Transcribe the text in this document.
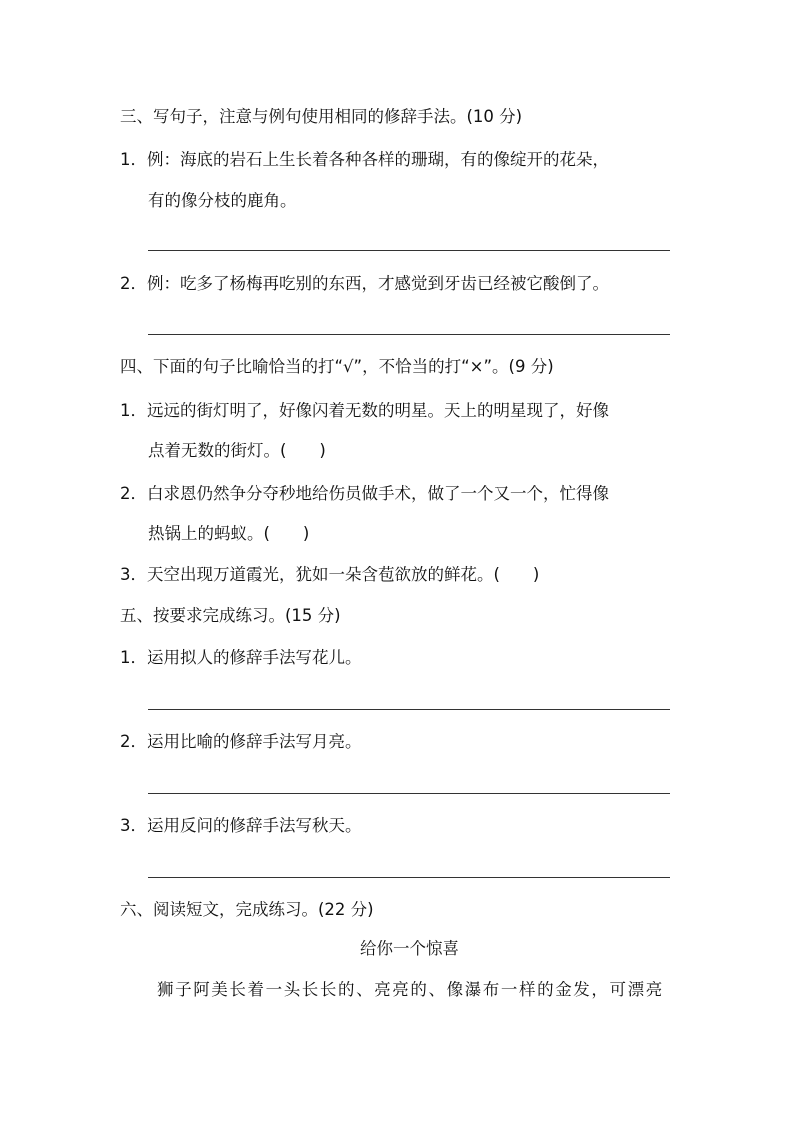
三、写句子，注意与例句使用相同的修辞手法。(10 分)
1．例：海底的岩石上生长着各种各样的珊瑚，有的像绽开的花朵，
有的像分枝的鹿角。
2．例：吃多了杨梅再吃别的东西，才感觉到牙齿已经被它酸倒了。
四、下面的句子比喻恰当的打“√”，不恰当的打“×”。(9 分)
1．远远的街灯明了，好像闪着无数的明星。天上的明星现了，好像
点着无数的街灯。(　　)
2．白求恩仍然争分夺秒地给伤员做手术，做了一个又一个，忙得像
热锅上的蚂蚁。(　　)
3．天空出现万道霞光，犹如一朵含苞欲放的鲜花。(　　)
五、按要求完成练习。(15 分)
1．运用拟人的修辞手法写花儿。
2．运用比喻的修辞手法写月亮。
3．运用反问的修辞手法写秋天。
六、阅读短文，完成练习。(22 分)
给你一个惊喜
狮子阿美长着一头长长的、亮亮的、像瀑布一样的金发，可漂亮
